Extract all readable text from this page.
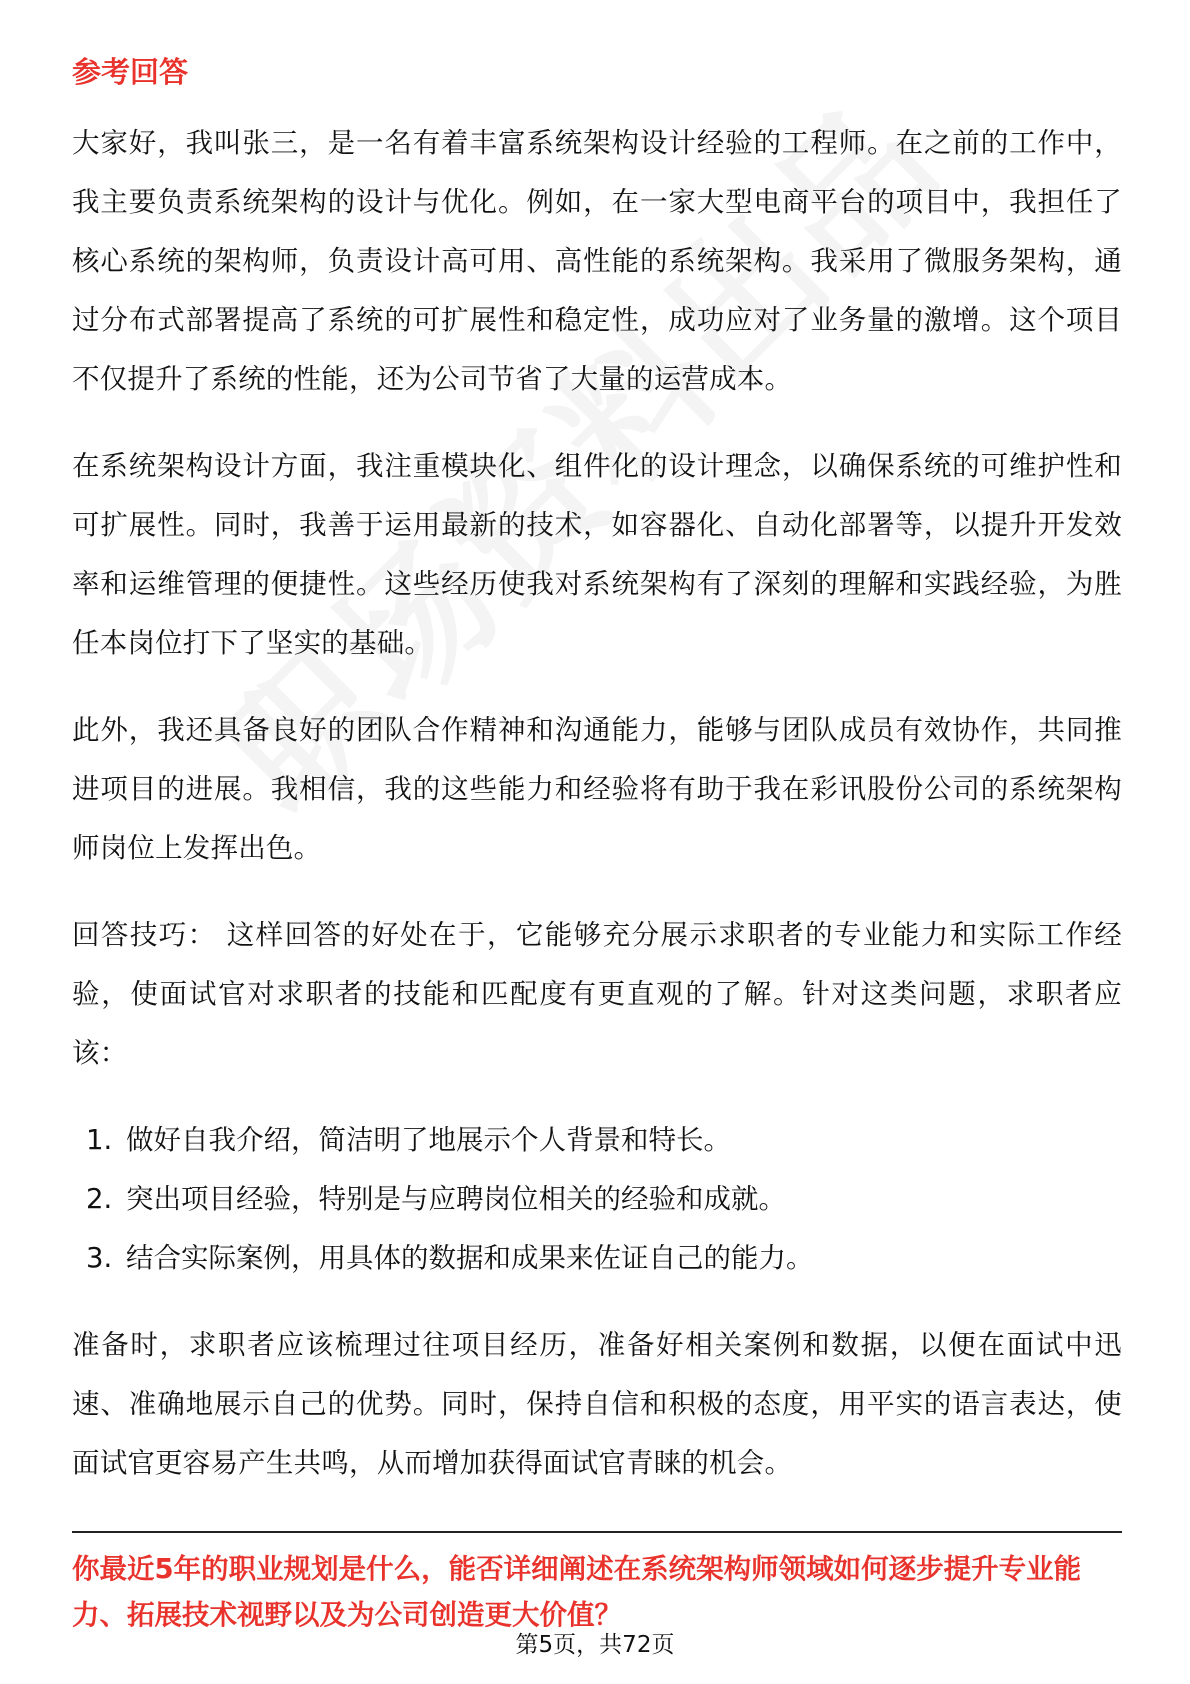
参考回答

大家好，我叫张三，是一名有着丰富系统架构设计经验的工程师。在之前的工作中，我主要负责系统架构的设计与优化。例如，在一家大型电商平台的项目中，我担任了核心系统的架构师，负责设计高可用、高性能的系统架构。我采用了微服务架构，通过分布式部署提高了系统的可扩展性和稳定性，成功应对了业务量的激增。这个项目不仅提升了系统的性能，还为公司节省了大量的运营成本。

在系统架构设计方面，我注重模块化、组件化的设计理念，以确保系统的可维护性和可扩展性。同时，我善于运用最新的技术，如容器化、自动化部署等，以提升开发效率和运维管理的便捷性。这些经历使我对系统架构有了深刻的理解和实践经验，为胜任本岗位打下了坚实的基础。

此外，我还具备良好的团队合作精神和沟通能力，能够与团队成员有效协作，共同推进项目的进展。我相信，我的这些能力和经验将有助于我在彩讯股份公司的系统架构师岗位上发挥出色。

回答技巧： 这样回答的好处在于，它能够充分展示求职者的专业能力和实际工作经验，使面试官对求职者的技能和匹配度有更直观的了解。针对这类问题，求职者应该：

1. 做好自我介绍，简洁明了地展示个人背景和特长。
2. 突出项目经验，特别是与应聘岗位相关的经验和成就。
3. 结合实际案例，用具体的数据和成果来佐证自己的能力。

准备时，求职者应该梳理过往项目经历，准备好相关案例和数据，以便在面试中迅速、准确地展示自己的优势。同时，保持自信和积极的态度，用平实的语言表达，使面试官更容易产生共鸣，从而增加获得面试官青睐的机会。

你最近5年的职业规划是什么，能否详细阐述在系统架构师领域如何逐步提升专业能力、拓展技术视野以及为公司创造更大价值？

第5页，共72页
